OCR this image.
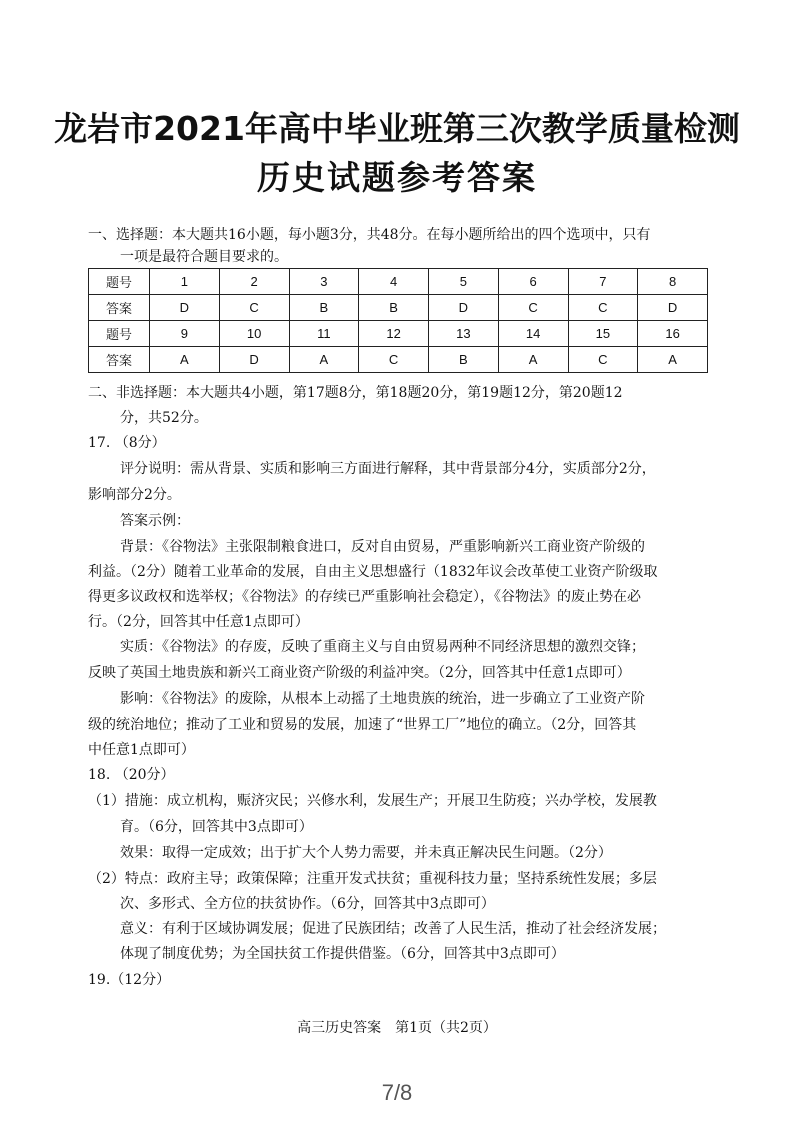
龙岩市2021年高中毕业班第三次教学质量检测
历史试题参考答案
一、选择题：本大题共16小题，每小题3分，共48分。在每小题所给出的四个选项中，只有
一项是最符合题目要求的。
题号	1	2	3	4	5	6	7	8
答案	D	C	B	B	D	C	C	D
题号	9	10	11	12	13	14	15	16
答案	A	D	A	C	B	A	C	A
二、非选择题：本大题共4小题，第17题8分，第18题20分，第19题12分，第20题12
分，共52分。
17. （8分）
评分说明：需从背景、实质和影响三方面进行解释，其中背景部分4分，实质部分2分，
影响部分2分。
答案示例：
背景：《谷物法》主张限制粮食进口，反对自由贸易，严重影响新兴工商业资产阶级的
利益。（2分）随着工业革命的发展，自由主义思想盛行（1832年议会改革使工业资产阶级取
得更多议政权和选举权；《谷物法》的存续已严重影响社会稳定），《谷物法》的废止势在必
行。（2分，回答其中任意1点即可）
实质：《谷物法》的存废，反映了重商主义与自由贸易两种不同经济思想的激烈交锋；
反映了英国土地贵族和新兴工商业资产阶级的利益冲突。（2分，回答其中任意1点即可）
影响：《谷物法》的废除，从根本上动摇了土地贵族的统治，进一步确立了工业资产阶
级的统治地位；推动了工业和贸易的发展，加速了“世界工厂”地位的确立。（2分，回答其
中任意1点即可）
18. （20分）
（1）措施：成立机构，赈济灾民；兴修水利，发展生产；开展卫生防疫；兴办学校，发展教
育。（6分，回答其中3点即可）
效果：取得一定成效；出于扩大个人势力需要，并未真正解决民生问题。（2分）
（2）特点：政府主导；政策保障；注重开发式扶贫；重视科技力量；坚持系统性发展；多层
次、多形式、全方位的扶贫协作。（6分，回答其中3点即可）
意义：有利于区域协调发展；促进了民族团结；改善了人民生活，推动了社会经济发展；
体现了制度优势；为全国扶贫工作提供借鉴。（6分，回答其中3点即可）
19.（12分）
高三历史答案　第1页（共2页）
7/8
